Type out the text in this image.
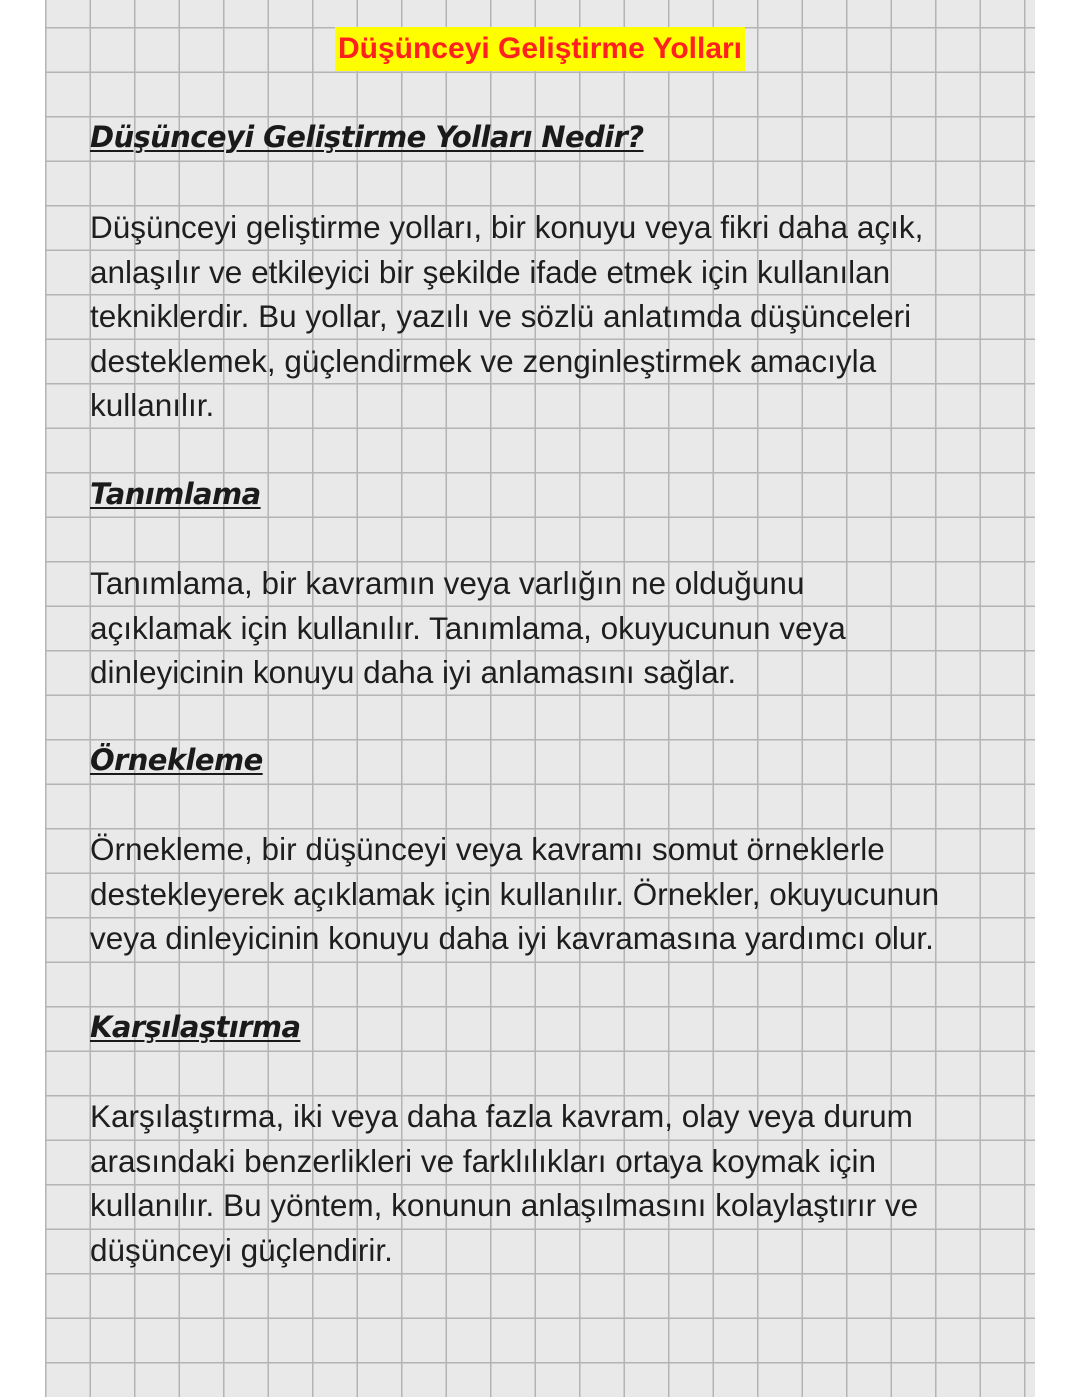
Düşünceyi Geliştirme Yolları
Düşünceyi Geliştirme Yolları Nedir?

Düşünceyi geliştirme yolları, bir konuyu veya fikri daha açık,
anlaşılır ve etkileyici bir şekilde ifade etmek için kullanılan
tekniklerdir. Bu yollar, yazılı ve sözlü anlatımda düşünceleri
desteklemek, güçlendirmek ve zenginleştirmek amacıyla
kullanılır.

Tanımlama

Tanımlama, bir kavramın veya varlığın ne olduğunu
açıklamak için kullanılır. Tanımlama, okuyucunun veya
dinleyicinin konuyu daha iyi anlamasını sağlar.

Örnekleme

Örnekleme, bir düşünceyi veya kavramı somut örneklerle
destekleyerek açıklamak için kullanılır. Örnekler, okuyucunun
veya dinleyicinin konuyu daha iyi kavramasına yardımcı olur.

Karşılaştırma

Karşılaştırma, iki veya daha fazla kavram, olay veya durum
arasındaki benzerlikleri ve farklılıkları ortaya koymak için
kullanılır. Bu yöntem, konunun anlaşılmasını kolaylaştırır ve
düşünceyi güçlendirir.
